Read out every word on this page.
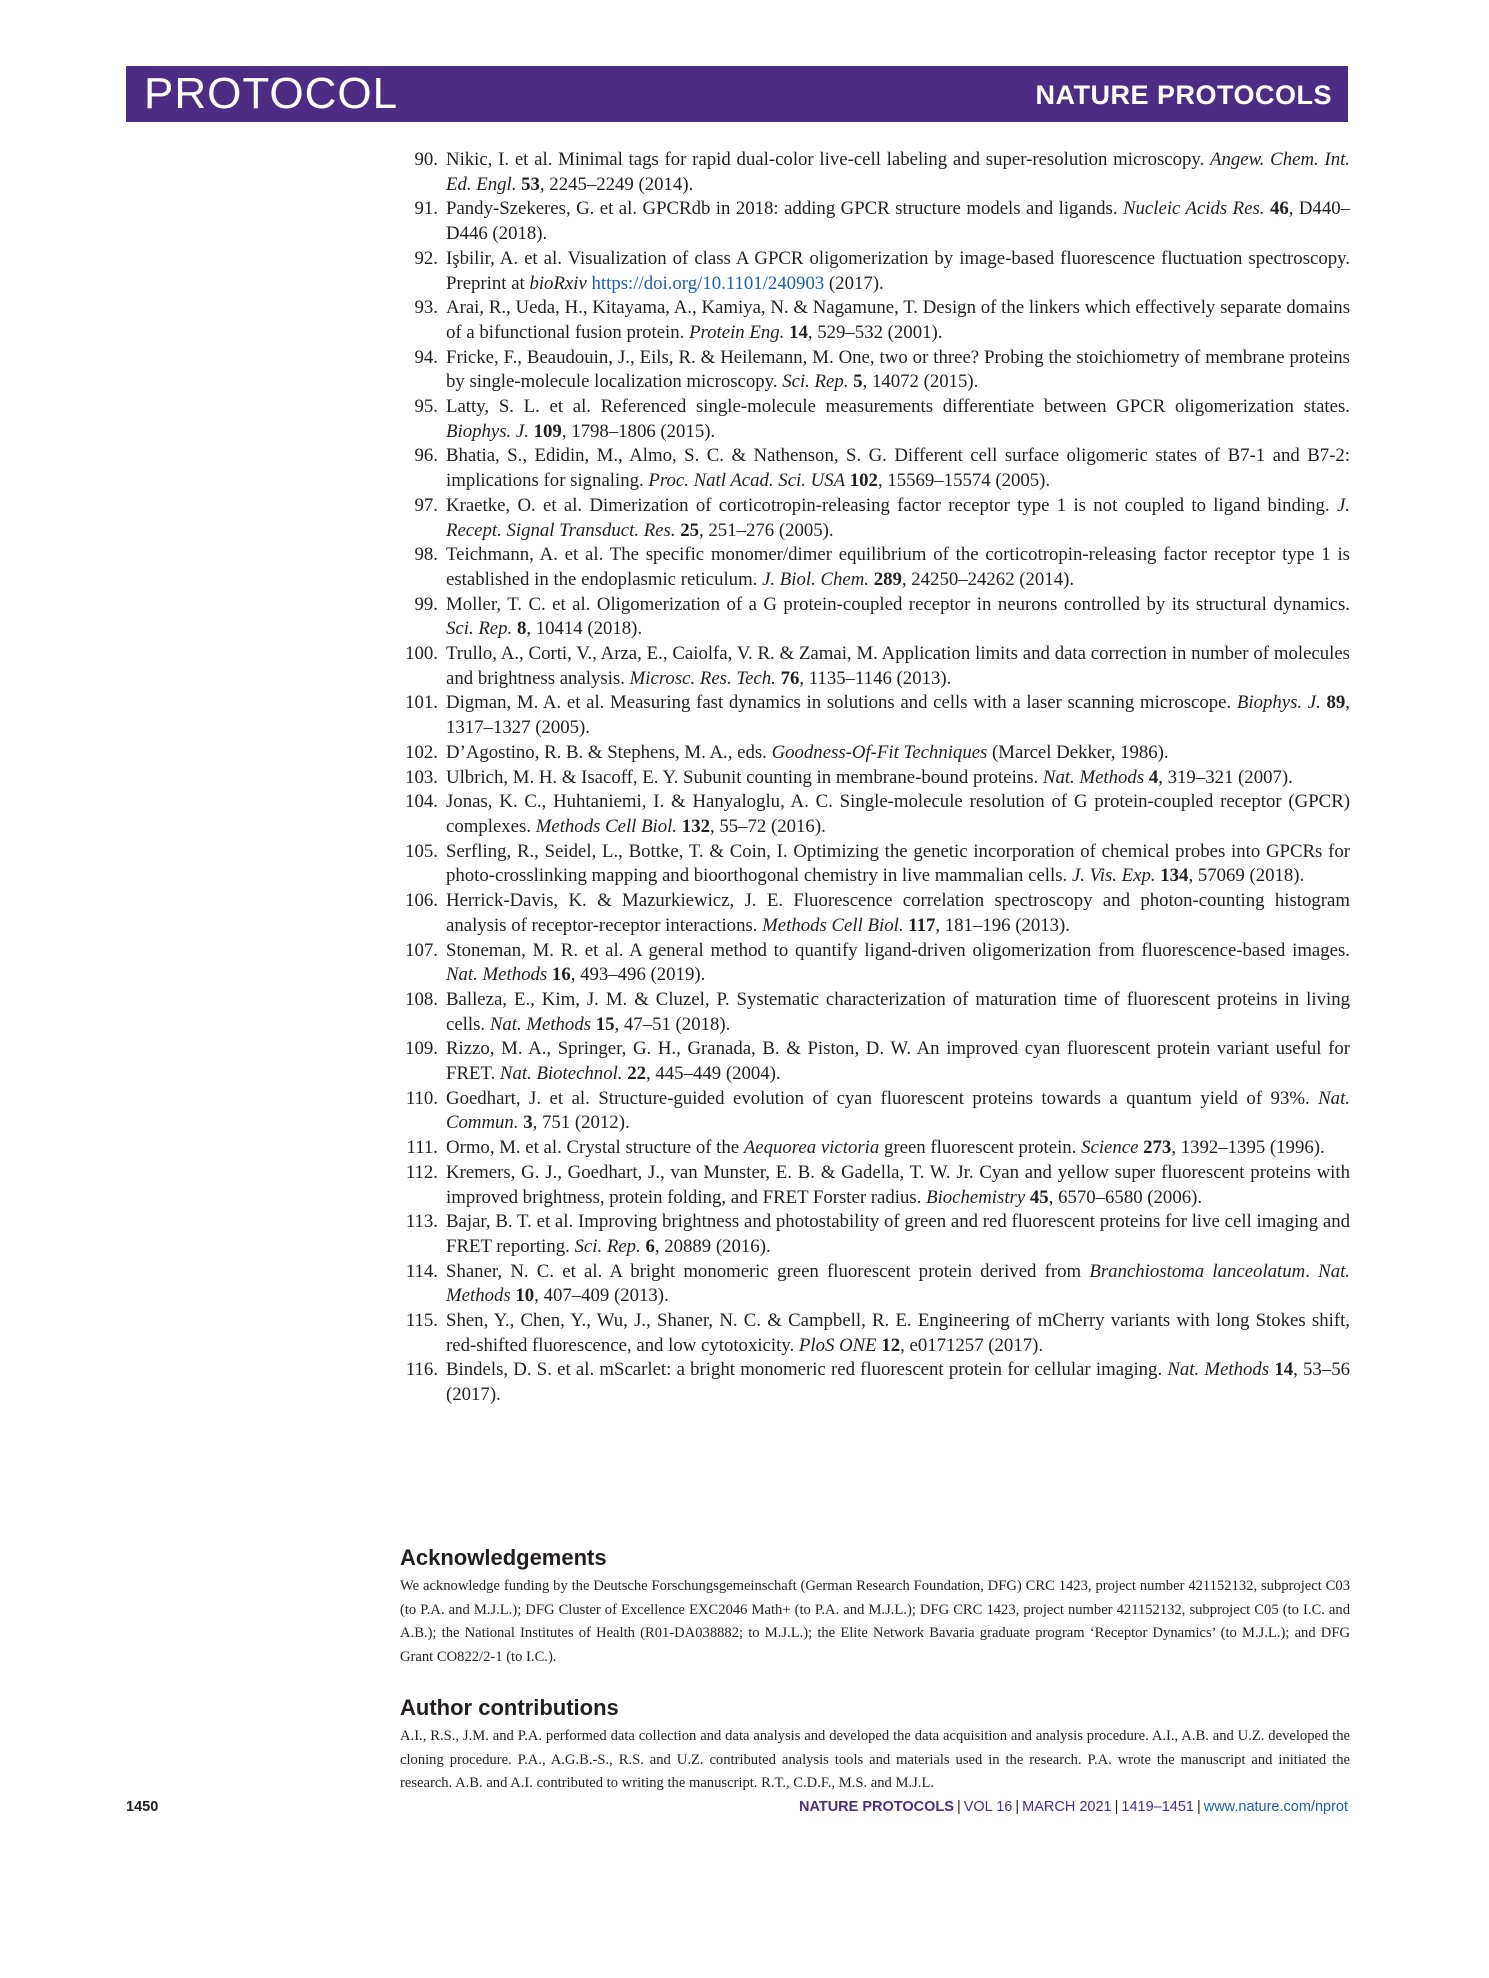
PROTOCOL	NATURE PROTOCOLS
90. Nikic, I. et al. Minimal tags for rapid dual-color live-cell labeling and super-resolution microscopy. Angew. Chem. Int. Ed. Engl. 53, 2245–2249 (2014).
91. Pandy-Szekeres, G. et al. GPCRdb in 2018: adding GPCR structure models and ligands. Nucleic Acids Res. 46, D440–D446 (2018).
92. Işbilir, A. et al. Visualization of class A GPCR oligomerization by image-based fluorescence fluctuation spectroscopy. Preprint at bioRxiv https://doi.org/10.1101/240903 (2017).
93. Arai, R., Ueda, H., Kitayama, A., Kamiya, N. & Nagamune, T. Design of the linkers which effectively separate domains of a bifunctional fusion protein. Protein Eng. 14, 529–532 (2001).
94. Fricke, F., Beaudouin, J., Eils, R. & Heilemann, M. One, two or three? Probing the stoichiometry of membrane proteins by single-molecule localization microscopy. Sci. Rep. 5, 14072 (2015).
95. Latty, S. L. et al. Referenced single-molecule measurements differentiate between GPCR oligomerization states. Biophys. J. 109, 1798–1806 (2015).
96. Bhatia, S., Edidin, M., Almo, S. C. & Nathenson, S. G. Different cell surface oligomeric states of B7-1 and B7-2: implications for signaling. Proc. Natl Acad. Sci. USA 102, 15569–15574 (2005).
97. Kraetke, O. et al. Dimerization of corticotropin-releasing factor receptor type 1 is not coupled to ligand binding. J. Recept. Signal Transduct. Res. 25, 251–276 (2005).
98. Teichmann, A. et al. The specific monomer/dimer equilibrium of the corticotropin-releasing factor receptor type 1 is established in the endoplasmic reticulum. J. Biol. Chem. 289, 24250–24262 (2014).
99. Moller, T. C. et al. Oligomerization of a G protein-coupled receptor in neurons controlled by its structural dynamics. Sci. Rep. 8, 10414 (2018).
100. Trullo, A., Corti, V., Arza, E., Caiolfa, V. R. & Zamai, M. Application limits and data correction in number of molecules and brightness analysis. Microsc. Res. Tech. 76, 1135–1146 (2013).
101. Digman, M. A. et al. Measuring fast dynamics in solutions and cells with a laser scanning microscope. Biophys. J. 89, 1317–1327 (2005).
102. D’Agostino, R. B. & Stephens, M. A., eds. Goodness-Of-Fit Techniques (Marcel Dekker, 1986).
103. Ulbrich, M. H. & Isacoff, E. Y. Subunit counting in membrane-bound proteins. Nat. Methods 4, 319–321 (2007).
104. Jonas, K. C., Huhtaniemi, I. & Hanyaloglu, A. C. Single-molecule resolution of G protein-coupled receptor (GPCR) complexes. Methods Cell Biol. 132, 55–72 (2016).
105. Serfling, R., Seidel, L., Bottke, T. & Coin, I. Optimizing the genetic incorporation of chemical probes into GPCRs for photo-crosslinking mapping and bioorthogonal chemistry in live mammalian cells. J. Vis. Exp. 134, 57069 (2018).
106. Herrick-Davis, K. & Mazurkiewicz, J. E. Fluorescence correlation spectroscopy and photon-counting histogram analysis of receptor-receptor interactions. Methods Cell Biol. 117, 181–196 (2013).
107. Stoneman, M. R. et al. A general method to quantify ligand-driven oligomerization from fluorescence-based images. Nat. Methods 16, 493–496 (2019).
108. Balleza, E., Kim, J. M. & Cluzel, P. Systematic characterization of maturation time of fluorescent proteins in living cells. Nat. Methods 15, 47–51 (2018).
109. Rizzo, M. A., Springer, G. H., Granada, B. & Piston, D. W. An improved cyan fluorescent protein variant useful for FRET. Nat. Biotechnol. 22, 445–449 (2004).
110. Goedhart, J. et al. Structure-guided evolution of cyan fluorescent proteins towards a quantum yield of 93%. Nat. Commun. 3, 751 (2012).
111. Ormo, M. et al. Crystal structure of the Aequorea victoria green fluorescent protein. Science 273, 1392–1395 (1996).
112. Kremers, G. J., Goedhart, J., van Munster, E. B. & Gadella, T. W. Jr. Cyan and yellow super fluorescent proteins with improved brightness, protein folding, and FRET Forster radius. Biochemistry 45, 6570–6580 (2006).
113. Bajar, B. T. et al. Improving brightness and photostability of green and red fluorescent proteins for live cell imaging and FRET reporting. Sci. Rep. 6, 20889 (2016).
114. Shaner, N. C. et al. A bright monomeric green fluorescent protein derived from Branchiostoma lanceolatum. Nat. Methods 10, 407–409 (2013).
115. Shen, Y., Chen, Y., Wu, J., Shaner, N. C. & Campbell, R. E. Engineering of mCherry variants with long Stokes shift, red-shifted fluorescence, and low cytotoxicity. PloS ONE 12, e0171257 (2017).
116. Bindels, D. S. et al. mScarlet: a bright monomeric red fluorescent protein for cellular imaging. Nat. Methods 14, 53–56 (2017).
Acknowledgements

We acknowledge funding by the Deutsche Forschungsgemeinschaft (German Research Foundation, DFG) CRC 1423, project number 421152132, subproject C03 (to P.A. and M.J.L.); DFG Cluster of Excellence EXC2046 Math+ (to P.A. and M.J.L.); DFG CRC 1423, project number 421152132, subproject C05 (to I.C. and A.B.); the National Institutes of Health (R01-DA038882; to M.J.L.); the Elite Network Bavaria graduate program ‘Receptor Dynamics’ (to M.J.L.); and DFG Grant CO822/2-1 (to I.C.).

Author contributions

A.I., R.S., J.M. and P.A. performed data collection and data analysis and developed the data acquisition and analysis procedure. A.I., A.B. and U.Z. developed the cloning procedure. P.A., A.G.B.-S., R.S. and U.Z. contributed analysis tools and materials used in the research. P.A. wrote the manuscript and initiated the research. A.B. and A.I. contributed to writing the manuscript. R.T., C.D.F., M.S. and M.J.L.

1450	NATURE PROTOCOLS | VOL 16 | MARCH 2021 | 1419–1451 | www.nature.com/nprot
